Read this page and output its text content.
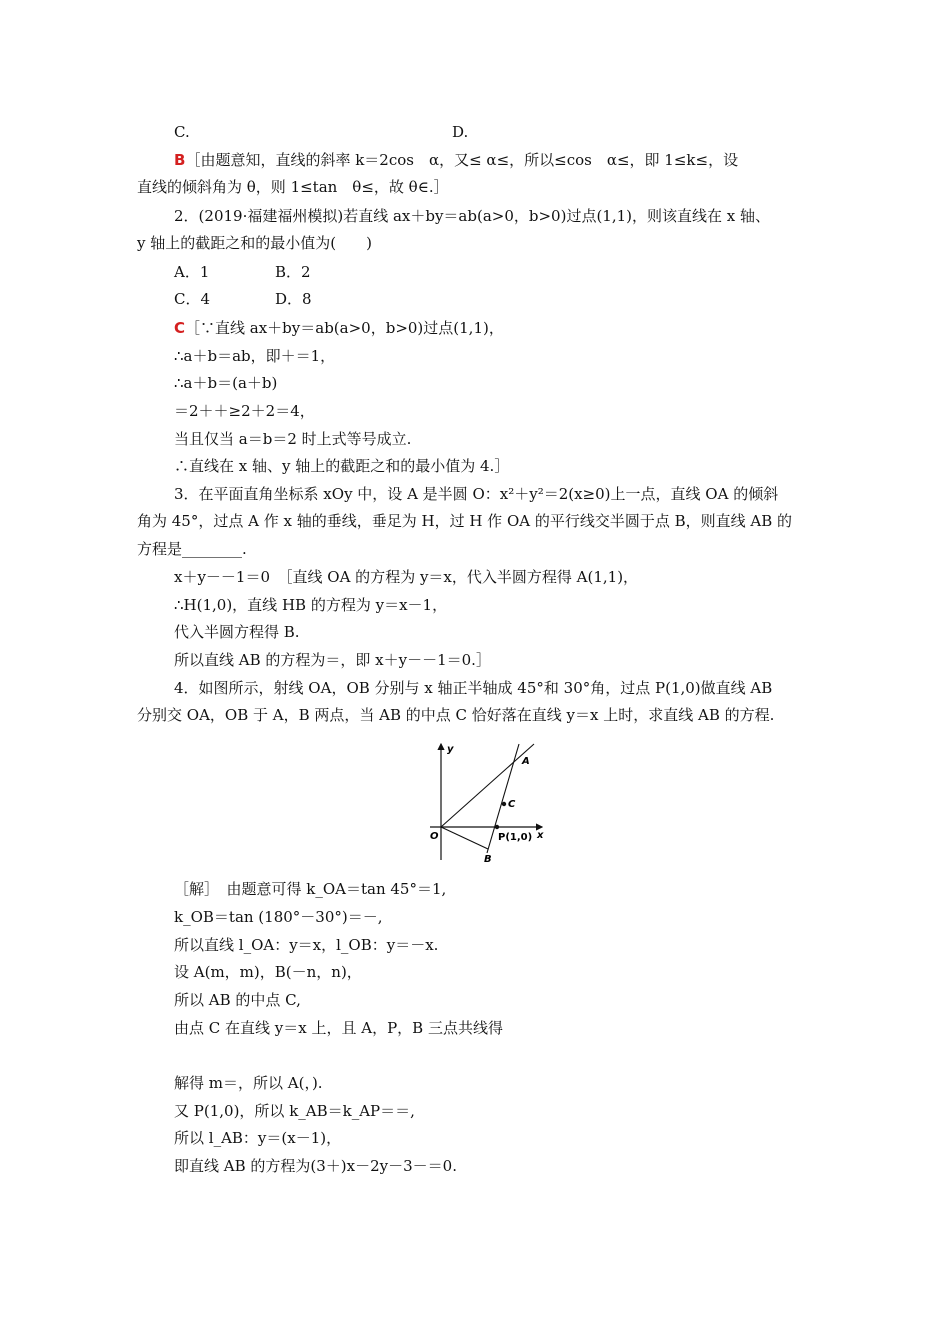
C.	D.
B［由题意知，直线的斜率 k＝2cos　α，又≤ α≤，所以≤cos　α≤，即 1≤k≤，设
直线的倾斜角为 θ，则 1≤tan　θ≤，故 θ∈.］
2．(2019·福建福州模拟)若直线 ax＋by＝ab(a>0，b>0)过点(1,1)，则该直线在 x 轴、
y 轴上的截距之和的最小值为(　　)
A．1	B．2
C．4	D．8
C［∵直线 ax＋by＝ab(a>0，b>0)过点(1,1)，
∴a＋b＝ab，即＋＝1，
∴a＋b＝(a＋b)
＝2＋＋≥2＋2＝4，
当且仅当 a＝b＝2 时上式等号成立.
∴直线在 x 轴、y 轴上的截距之和的最小值为 4.］
3．在平面直角坐标系 xOy 中，设 A 是半圆 O：x²＋y²＝2(x≥0)上一点，直线 OA 的倾斜
角为 45°，过点 A 作 x 轴的垂线，垂足为 H，过 H 作 OA 的平行线交半圆于点 B，则直线 AB 的
方程是________.
x＋y－－1＝0　［直线 OA 的方程为 y＝x，代入半圆方程得 A(1,1)，
∴H(1,0)，直线 HB 的方程为 y＝x－1，
代入半圆方程得 B.
所以直线 AB 的方程为＝，即 x＋y－－1＝0.］
4．如图所示，射线 OA，OB 分别与 x 轴正半轴成 45°和 30°角，过点 P(1,0)做直线 AB
分别交 OA，OB 于 A，B 两点，当 AB 的中点 C 恰好落在直线 y＝x 上时，求直线 AB 的方程.
y
x
O
A
B
C
P(1,0)
［解］　由题意可得 k_OA＝tan 45°＝1,
k_OB＝tan (180°－30°)＝－,
所以直线 l_OA：y＝x，l_OB：y＝－x.
设 A(m，m)，B(－n，n)，
所以 AB 的中点 C,
由点 C 在直线 y＝x 上，且 A，P，B 三点共线得
解得 m＝，所以 A(，).
又 P(1,0)，所以 k_AB＝k_AP＝＝,
所以 l_AB：y＝(x－1)，
即直线 AB 的方程为(3＋)x－2y－3－＝0.
